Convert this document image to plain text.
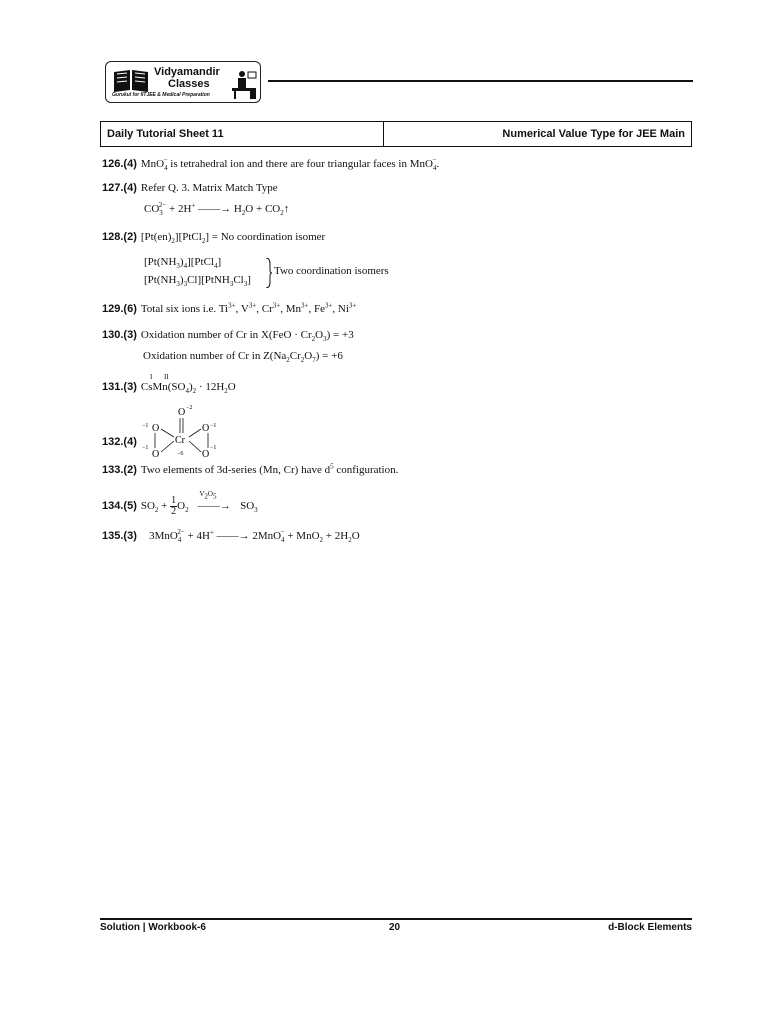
Vidyamandir
Classes
Gurukul for IITJEE & Medical Preparation
Daily Tutorial Sheet 11	Numerical Value Type for JEE Main
126.(4) MnO$_4$− is tetrahedral ion and there are four triangular faces in MnO$_4$−.
127.(4) Refer Q. 3. Matrix Match Type
$CO_3^{2-} + 2H^+$ ——→ $H_2O$ + $CO_2↑$
128.(2) $[Pt(en)_2][PtCl_2] = No$ coordination isomer
$[Pt(NH_3)_4][PtCl_4]$
$[Pt(NH_3)_3Cl][PtNH_3Cl_3]$
Two coordination isomers
129.(6) Total six ions i.e. $Ti^{3+}$, $V^{3+}$, $Cr^{3+}$, $Mn^{3+}$, $Fe^{3+}$, $Ni^{3+}$
130.(3) Oxidation number of Cr in $X(FeO \cdot Cr_2O_3) = +3$
Oxidation number of Cr in $Z(Na_2Cr_2O_7) = +6$
I II
131.(3) $CsMn(SO_4)_2 \cdot 12H_2O$
132.(4)
O −2
Cr
−6
O
−1
O
−1
O −1
O
−1
133.(2) Two elements of 3d-series (Mn, Cr) have $d^5$ configuration.
134.(5) $SO_2 + 1$
$2O_2$
$V_2O_5$
——→ $SO_3$
135.(3)   3MnO$_4^{2-}$ + 4H+ ——→ $2MnO_4^- + MnO_2 + 2H_2O$
Solution | Workbook-6	20	d-Block Elements
